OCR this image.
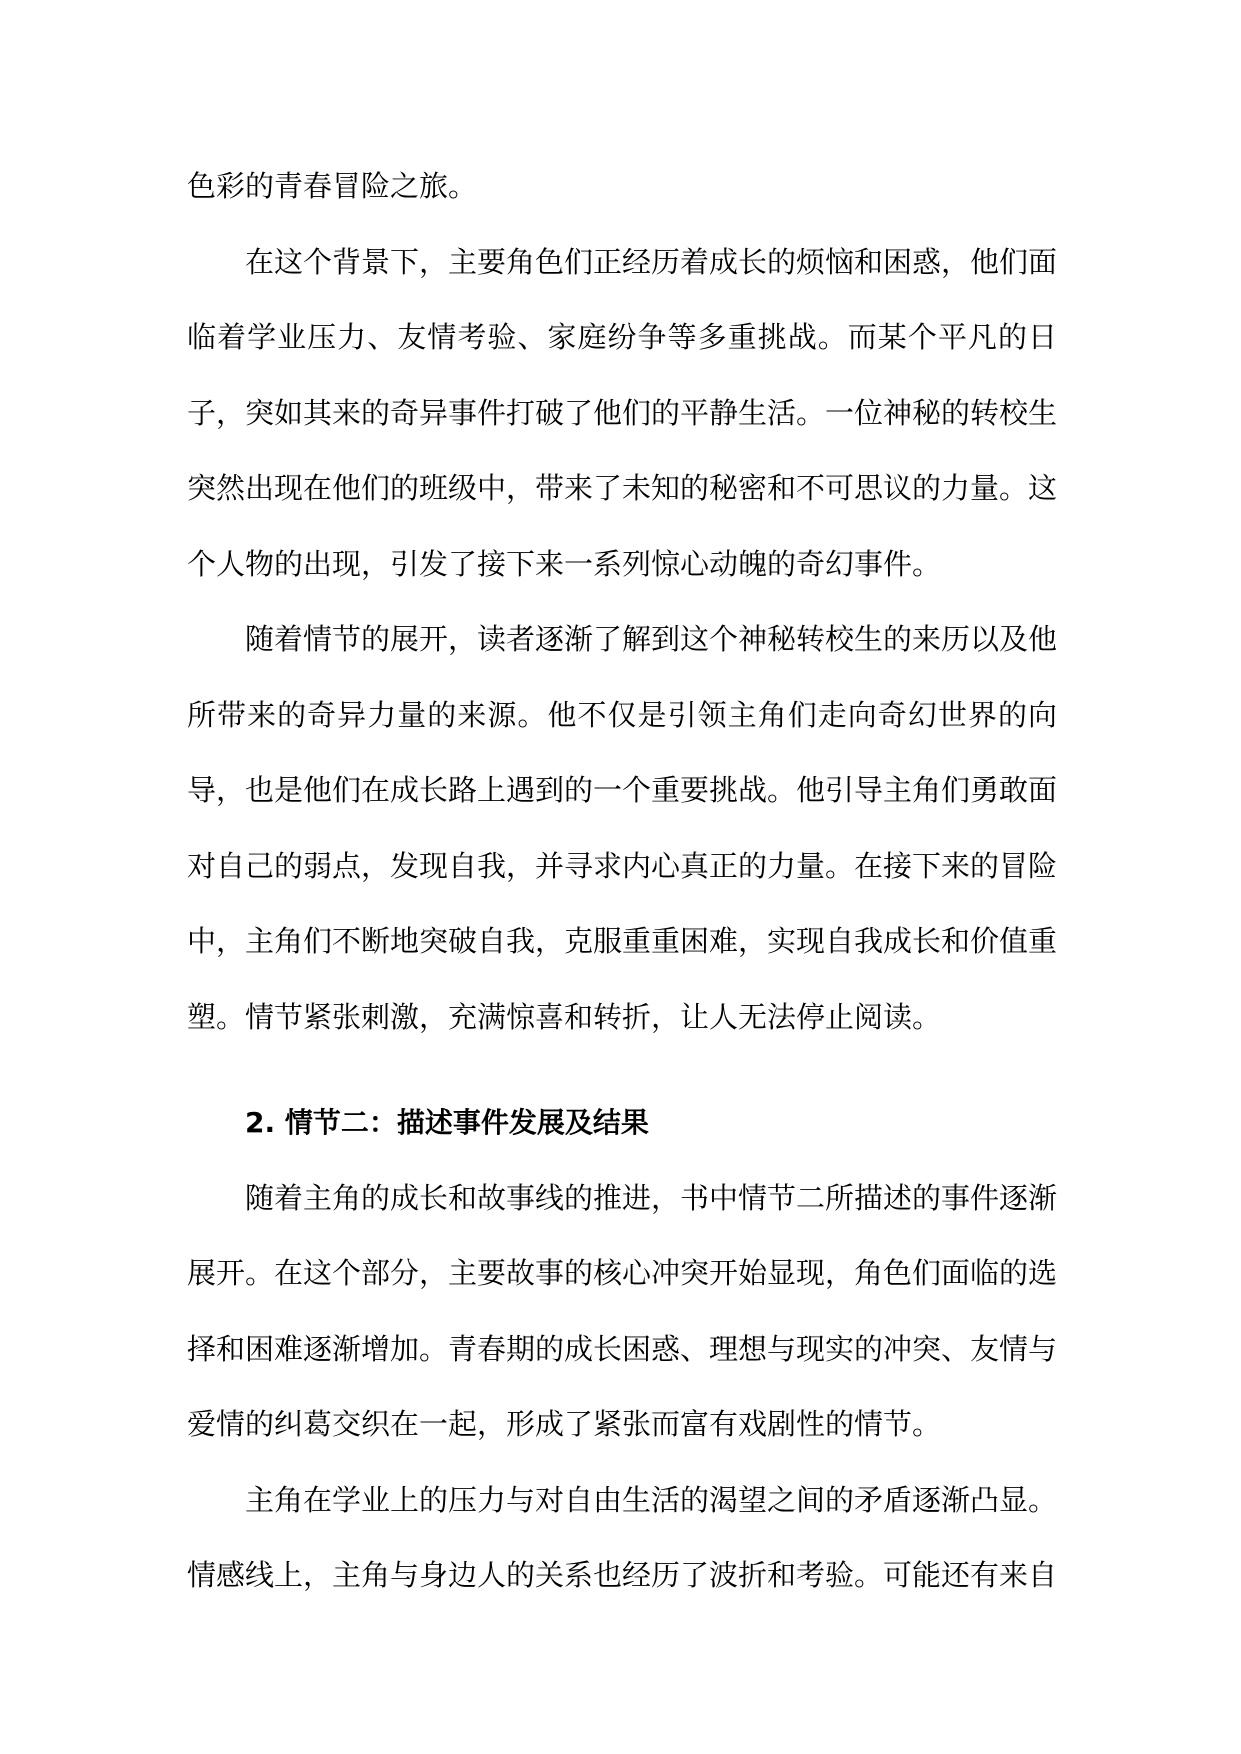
色彩的青春冒险之旅。

在这个背景下，主要角色们正经历着成长的烦恼和困惑，他们面临着学业压力、友情考验、家庭纷争等多重挑战。而某个平凡的日子，突如其来的奇异事件打破了他们的平静生活。一位神秘的转校生突然出现在他们的班级中，带来了未知的秘密和不可思议的力量。这个人物的出现，引发了接下来一系列惊心动魄的奇幻事件。

随着情节的展开，读者逐渐了解到这个神秘转校生的来历以及他所带来的奇异力量的来源。他不仅是引领主角们走向奇幻世界的向导，也是他们在成长路上遇到的一个重要挑战。他引导主角们勇敢面对自己的弱点，发现自我，并寻求内心真正的力量。在接下来的冒险中，主角们不断地突破自我，克服重重困难，实现自我成长和价值重塑。情节紧张刺激，充满惊喜和转折，让人无法停止阅读。

2. 情节二：描述事件发展及结果

随着主角的成长和故事线的推进，书中情节二所描述的事件逐渐展开。在这个部分，主要故事的核心冲突开始显现，角色们面临的选择和困难逐渐增加。青春期的成长困惑、理想与现实的冲突、友情与爱情的纠葛交织在一起，形成了紧张而富有戏剧性的情节。

主角在学业上的压力与对自由生活的渴望之间的矛盾逐渐凸显。情感线上，主角与身边人的关系也经历了波折和考验。可能还有来自
